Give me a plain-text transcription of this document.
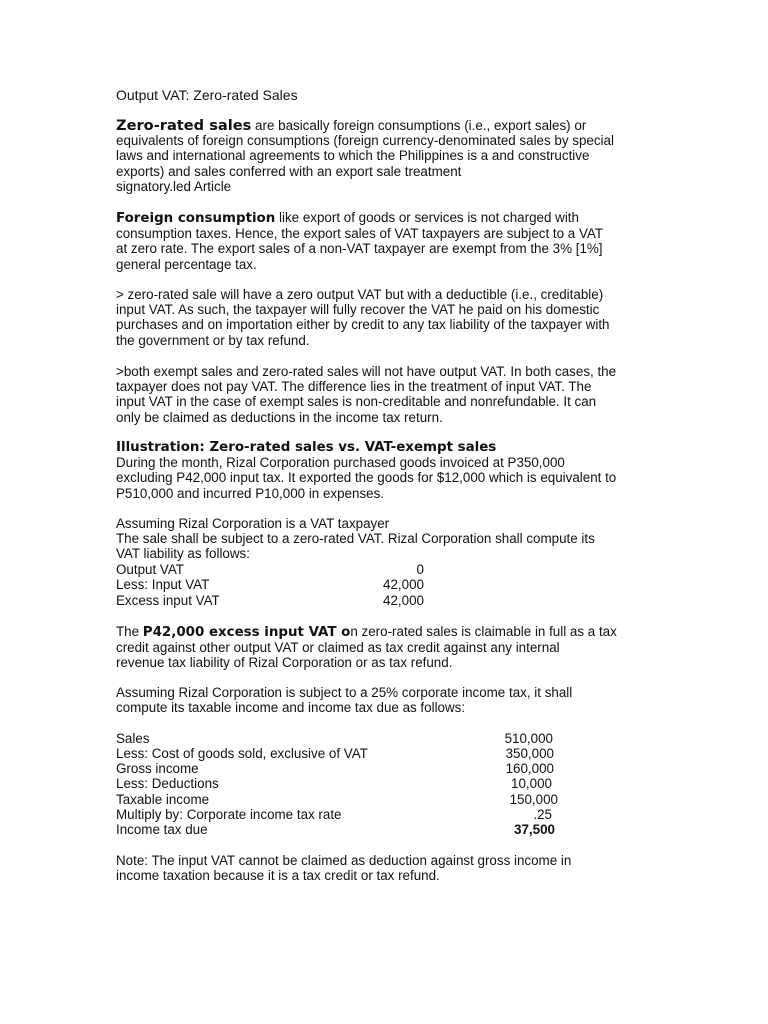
Output VAT: Zero-rated Sales

Zero-rated sales are basically foreign consumptions (i.e., export sales) or

equivalents of foreign consumptions (foreign currency-denominated sales by special

laws and international agreements to which the Philippines is a and constructive

exports) and sales conferred with an export sale treatment

signatory.led Article

Foreign consumption like export of goods or services is not charged with

consumption taxes. Hence, the export sales of VAT taxpayers are subject to a VAT

at zero rate. The export sales of a non-VAT taxpayer are exempt from the 3% [1%]

general percentage tax.

> zero-rated sale will have a zero output VAT but with a deductible (i.e., creditable)

input VAT. As such, the taxpayer will fully recover the VAT he paid on his domestic

purchases and on importation either by credit to any tax liability of the taxpayer with

the government or by tax refund.

>both exempt sales and zero-rated sales will not have output VAT. In both cases, the

taxpayer does not pay VAT. The difference lies in the treatment of input VAT. The

input VAT in the case of exempt sales is non-creditable and nonrefundable. It can

only be claimed as deductions in the income tax return.

Illustration: Zero-rated sales vs. VAT-exempt sales

During the month, Rizal Corporation purchased goods invoiced at P350,000

excluding P42,000 input tax. It exported the goods for $12,000 which is equivalent to

P510,000 and incurred P10,000 in expenses.

Assuming Rizal Corporation is a VAT taxpayer

The sale shall be subject to a zero-rated VAT. Rizal Corporation shall compute its

VAT liability as follows:

Output VAT	0
Less: Input VAT	42,000
Excess input VAT	42,000

The P42,000 excess input VAT on zero-rated sales is claimable in full as a tax

credit against other output VAT or claimed as tax credit against any internal

revenue tax liability of Rizal Corporation or as tax refund.

Assuming Rizal Corporation is subject to a 25% corporate income tax, it shall

compute its taxable income and income tax due as follows:

Sales	510,000
Less: Cost of goods sold, exclusive of VAT	350,000
Gross income	160,000
Less: Deductions	10,000
Taxable income	150,000
Multiply by: Corporate income tax rate	.25
Income tax due	37,500

Note: The input VAT cannot be claimed as deduction against gross income in

income taxation because it is a tax credit or tax refund.
